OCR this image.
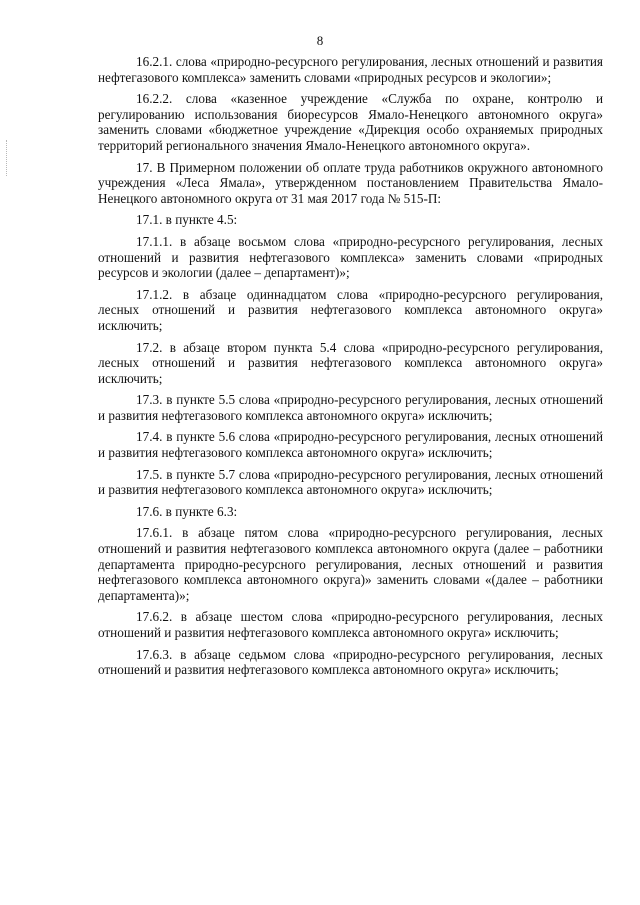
8

16.2.1. слова «природно-ресурсного регулирования, лесных отношений и развития нефтегазового комплекса» заменить словами «природных ресурсов и экологии»;

16.2.2. слова «казенное учреждение «Служба по охране, контролю и регулированию использования биоресурсов Ямало-Ненецкого автономного округа» заменить словами «бюджетное учреждение «Дирекция особо охраняемых природных территорий регионального значения Ямало-Ненецкого автономного округа».

17. В Примерном положении об оплате труда работников окружного автономного учреждения «Леса Ямала», утвержденном постановлением Правительства Ямало-Ненецкого автономного округа от 31 мая 2017 года № 515-П:

17.1. в пункте 4.5:

17.1.1. в абзаце восьмом слова «природно-ресурсного регулирования, лесных отношений и развития нефтегазового комплекса» заменить словами «природных ресурсов и экологии (далее – департамент)»;

17.1.2. в абзаце одиннадцатом слова «природно-ресурсного регулирования, лесных отношений и развития нефтегазового комплекса автономного округа» исключить;

17.2. в абзаце втором пункта 5.4 слова «природно-ресурсного регулирования, лесных отношений и развития нефтегазового комплекса автономного округа» исключить;

17.3. в пункте 5.5 слова «природно-ресурсного регулирования, лесных отношений и развития нефтегазового комплекса автономного округа» исключить;

17.4. в пункте 5.6 слова «природно-ресурсного регулирования, лесных отношений и развития нефтегазового комплекса автономного округа» исключить;

17.5. в пункте 5.7 слова «природно-ресурсного регулирования, лесных отношений и развития нефтегазового комплекса автономного округа» исключить;

17.6. в пункте 6.3:

17.6.1. в абзаце пятом слова «природно-ресурсного регулирования, лесных отношений и развития нефтегазового комплекса автономного округа (далее – работники департамента природно-ресурсного регулирования, лесных отношений и развития нефтегазового комплекса автономного округа)» заменить словами «(далее – работники департамента)»;

17.6.2. в абзаце шестом слова «природно-ресурсного регулирования, лесных отношений и развития нефтегазового комплекса автономного округа» исключить;

17.6.3. в абзаце седьмом слова «природно-ресурсного регулирования, лесных отношений и развития нефтегазового комплекса автономного округа» исключить;
